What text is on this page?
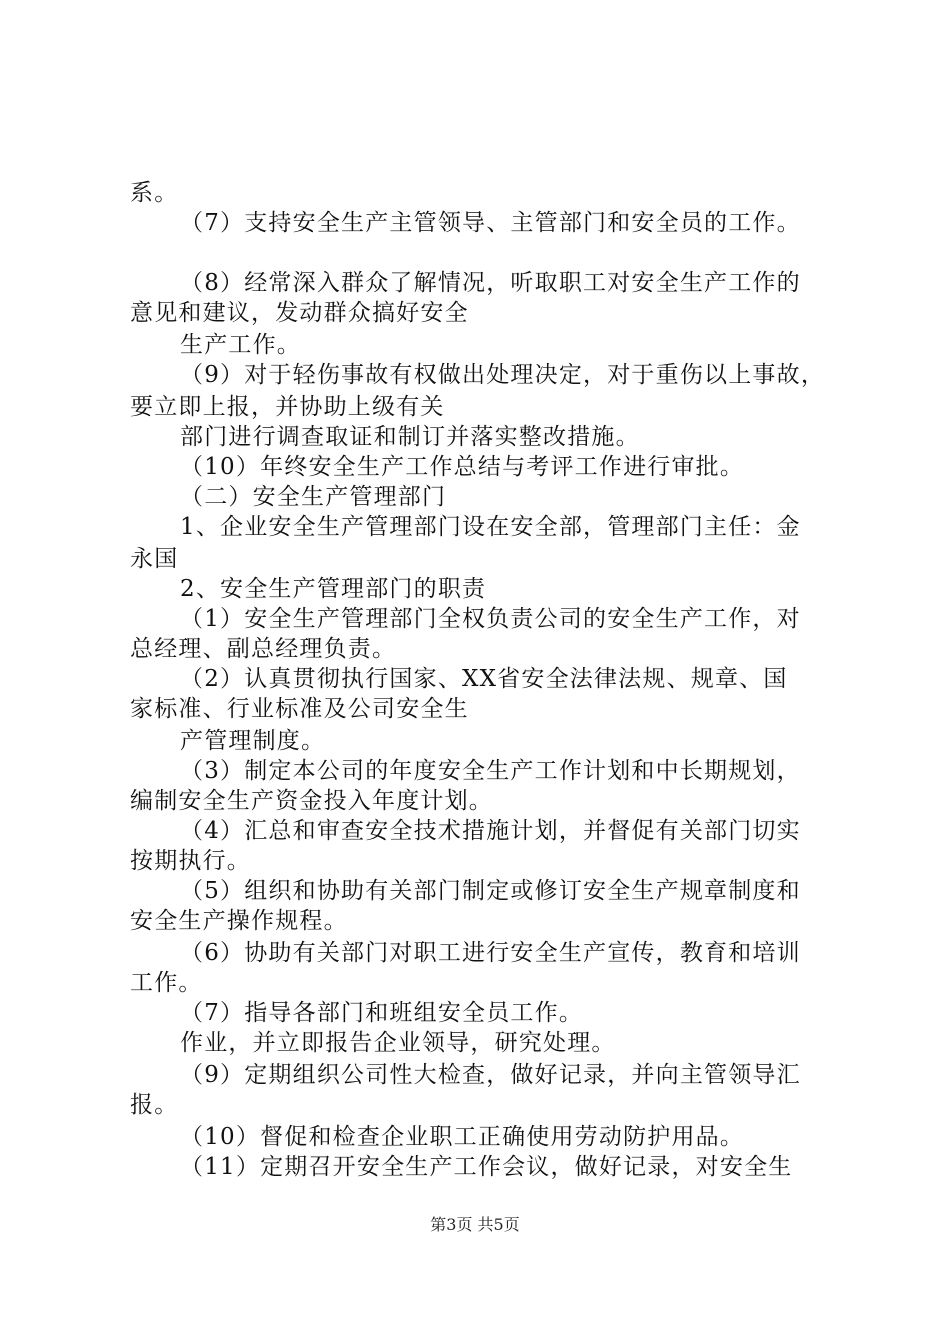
系。
（7）支持安全生产主管领导、主管部门和安全员的工作。
（8）经常深入群众了解情况，听取职工对安全生产工作的
意见和建议，发动群众搞好安全
生产工作。
（9）对于轻伤事故有权做出处理决定，对于重伤以上事故，
要立即上报，并协助上级有关
部门进行调查取证和制订并落实整改措施。
（10）年终安全生产工作总结与考评工作进行审批。
（二）安全生产管理部门
1、企业安全生产管理部门设在安全部，管理部门主任：金
永国
2、安全生产管理部门的职责
（1）安全生产管理部门全权负责公司的安全生产工作，对
总经理、副总经理负责。
（2）认真贯彻执行国家、XX省安全法律法规、规章、国
家标准、行业标准及公司安全生
产管理制度。
（3）制定本公司的年度安全生产工作计划和中长期规划，
编制安全生产资金投入年度计划。
（4）汇总和审查安全技术措施计划，并督促有关部门切实
按期执行。
（5）组织和协助有关部门制定或修订安全生产规章制度和
安全生产操作规程。
（6）协助有关部门对职工进行安全生产宣传，教育和培训
工作。
（7）指导各部门和班组安全员工作。
作业，并立即报告企业领导，研究处理。
（9）定期组织公司性大检查，做好记录，并向主管领导汇
报。
（10）督促和检查企业职工正确使用劳动防护用品。
（11）定期召开安全生产工作会议，做好记录，对安全生
第3页 共5页
